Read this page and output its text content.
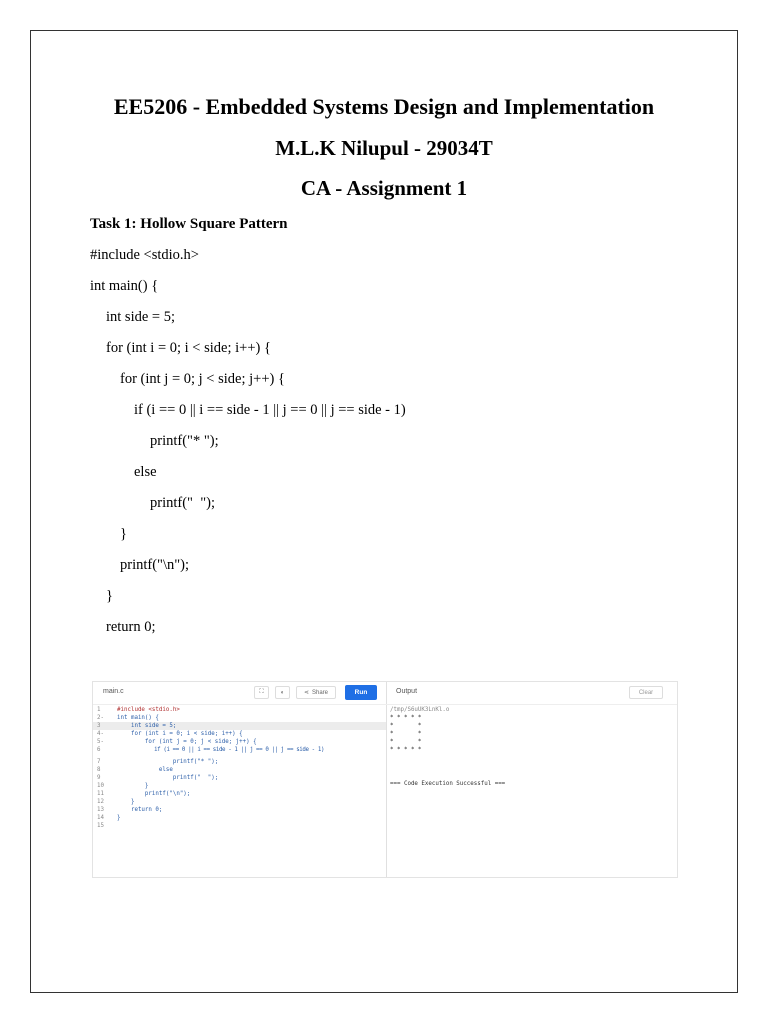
EE5206 - Embedded Systems Design and Implementation
M.L.K Nilupul - 29034T
CA - Assignment 1
Task 1: Hollow Square Pattern
#include <stdio.h>
int main() {
int side = 5;
for (int i = 0; i < side; i++) {
for (int j = 0; j < side; j++) {
if (i == 0 || i == side - 1 || j == 0 || j == side - 1)
printf("* ");
else
printf("  ");
}
printf("\n");
}
return 0;
main.c	⛶	◐	⋖ Share	Run
1	#include <stdio.h>
2-	int main() {
3	int side = 5;
4-	for (int i = 0; i < side; i++) {
5-	for (int j = 0; j < side; j++) {
6	if (i == 0 || i == side - 1 || j == 0 || j == side - 1)
7	printf("* ");
8	else
9	printf("  ");
10	}
11	printf("\n");
12	}
13	return 0;
14	}
15
Output	Clear
/tmp/S6uUK3LnKl.o
* * * * *
*       *
*       *
*       *
* * * * *
=== Code Execution Successful ===
